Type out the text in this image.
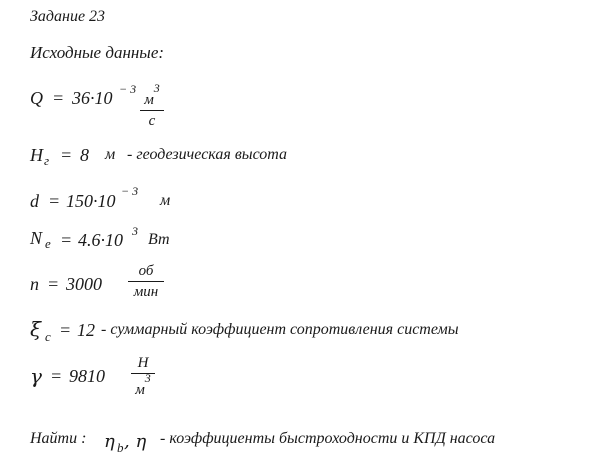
Задание 23
Исходные данные:
Q = 36·10 − 3
$м^3$
с
H г = 8 м - геодезическая высота
d = 150·10 − 3
м
N e = 4.6·10 3 Вт
n = 3000
об
мин
ξ c = 12 - суммарный коэффициент сопротивления системы
γ = 9810
Н
$м^3$
Найти : η b , η - коэффициенты быстроходности и КПД насоса
